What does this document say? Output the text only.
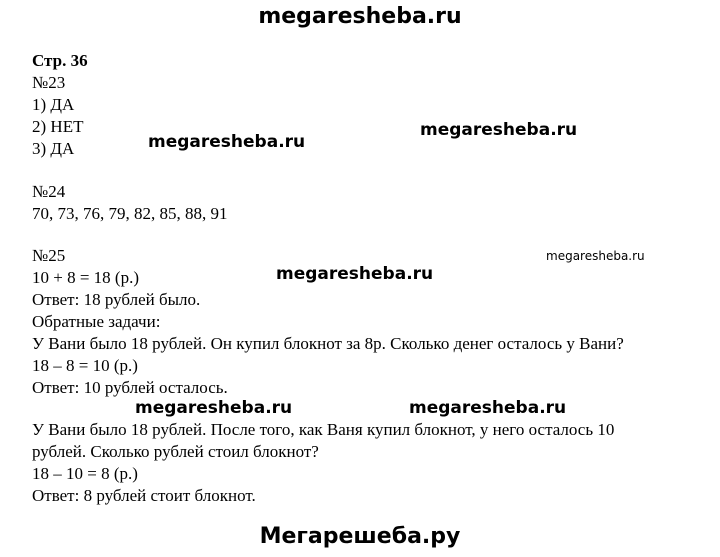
megaresheba.ru
megaresheba.ru
megaresheba.ru
megaresheba.ru
megaresheba.ru
megaresheba.ru	megaresheba.ru
Мегарешеба.ру
Стр. 36
№23
1) ДА
2) НЕТ
3) ДА
№24
70, 73, 76, 79, 82, 85, 88, 91
№25
10 + 8 = 18 (р.)
Ответ: 18 рублей было.
Обратные задачи:
У Вани было 18 рублей. Он купил блокнот за 8р. Сколько денег осталось у Вани?
18 – 8 = 10 (р.)
Ответ: 10 рублей осталось.
У Вани было 18 рублей. После того, как Ваня купил блокнот, у него осталось 10
рублей. Сколько рублей стоил блокнот?
18 – 10 = 8 (р.)
Ответ: 8 рублей стоит блокнот.
